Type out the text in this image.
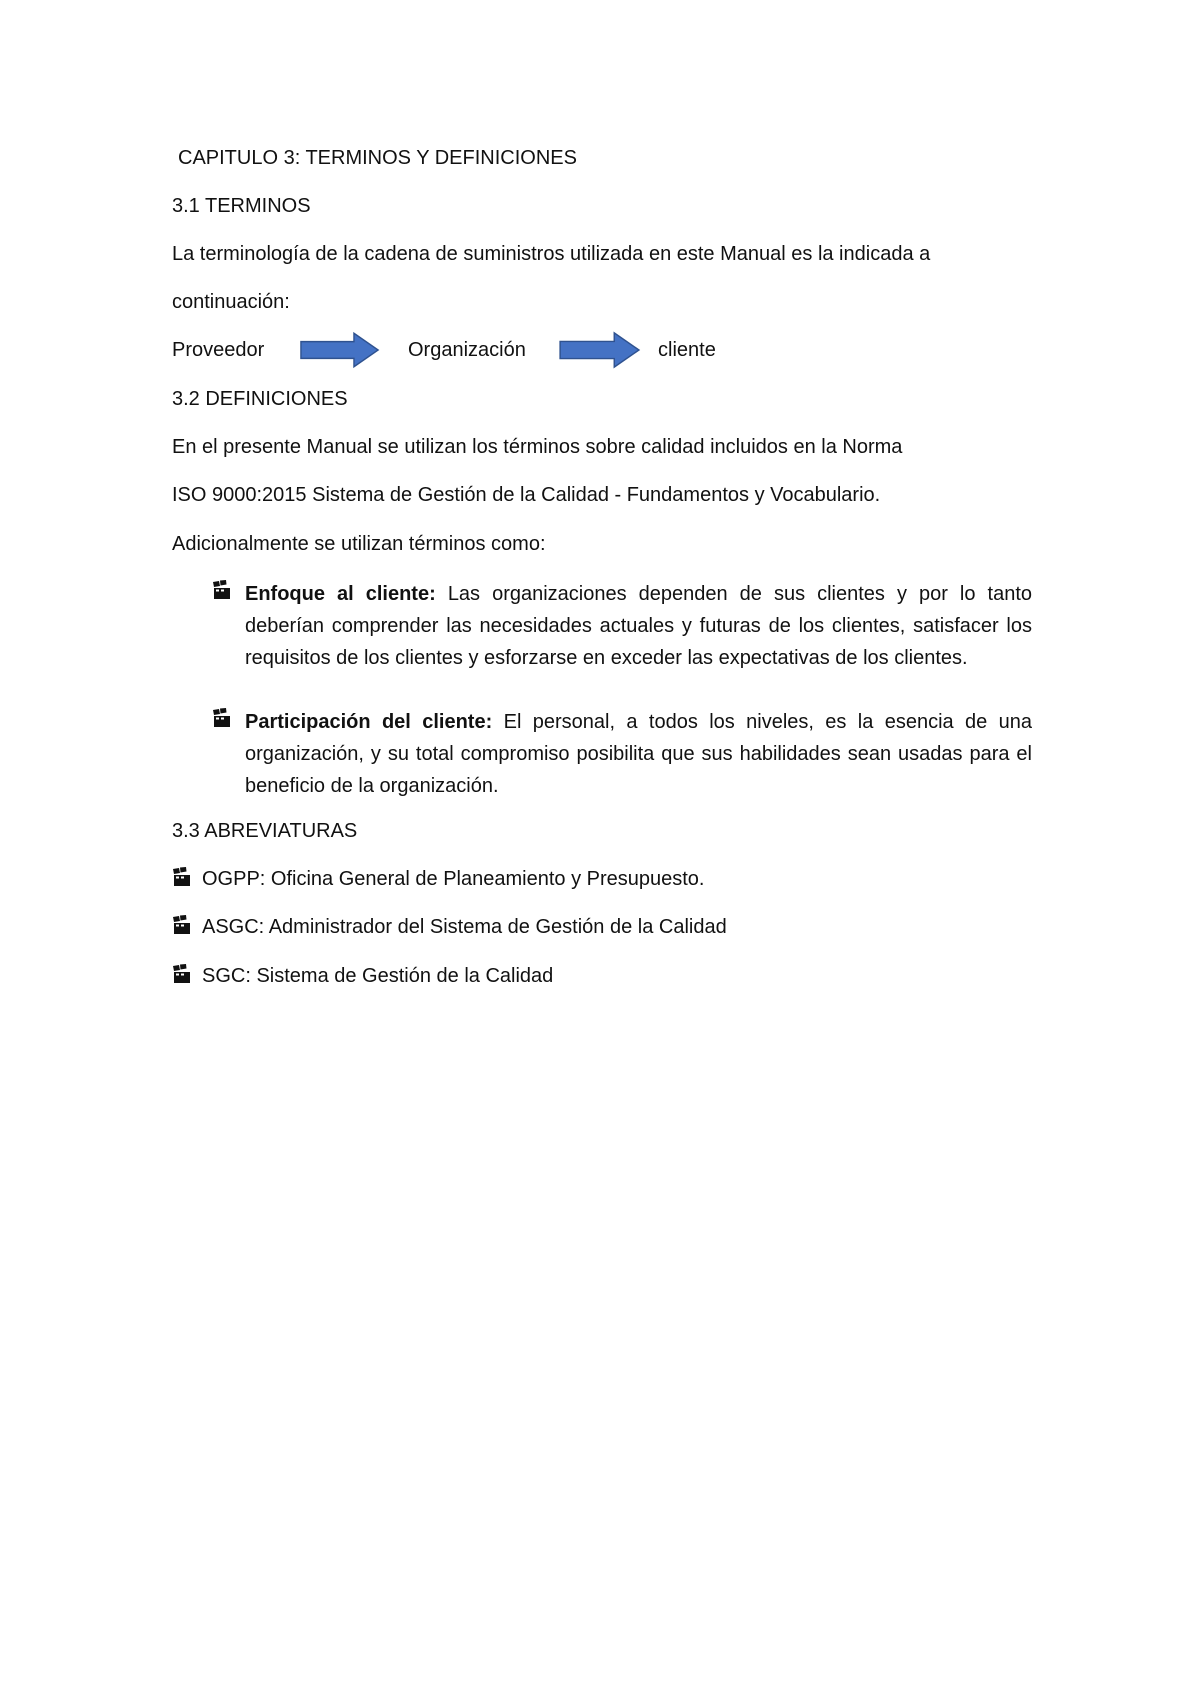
CAPITULO 3: TERMINOS Y DEFINICIONES
3.1 TERMINOS
La terminología de la cadena de suministros utilizada en este Manual es la indicada a
continuación:
Proveedor	Organización	cliente
3.2 DEFINICIONES
En el presente Manual se utilizan los términos sobre calidad incluidos en la Norma
ISO 9000:2015 Sistema de Gestión de la Calidad - Fundamentos y Vocabulario.
Adicionalmente se utilizan términos como:
Enfoque al cliente: Las organizaciones dependen de sus clientes y por lo tanto deberían comprender las necesidades actuales y futuras de los clientes, satisfacer los requisitos de los clientes y esforzarse en exceder las expectativas de los clientes.
Participación del cliente: El personal, a todos los niveles, es la esencia de una organización, y su total compromiso posibilita que sus habilidades sean usadas para el beneficio de la organización.
3.3 ABREVIATURAS
OGPP: Oficina General de Planeamiento y Presupuesto.
ASGC: Administrador del Sistema de Gestión de la Calidad
SGC: Sistema de Gestión de la Calidad
